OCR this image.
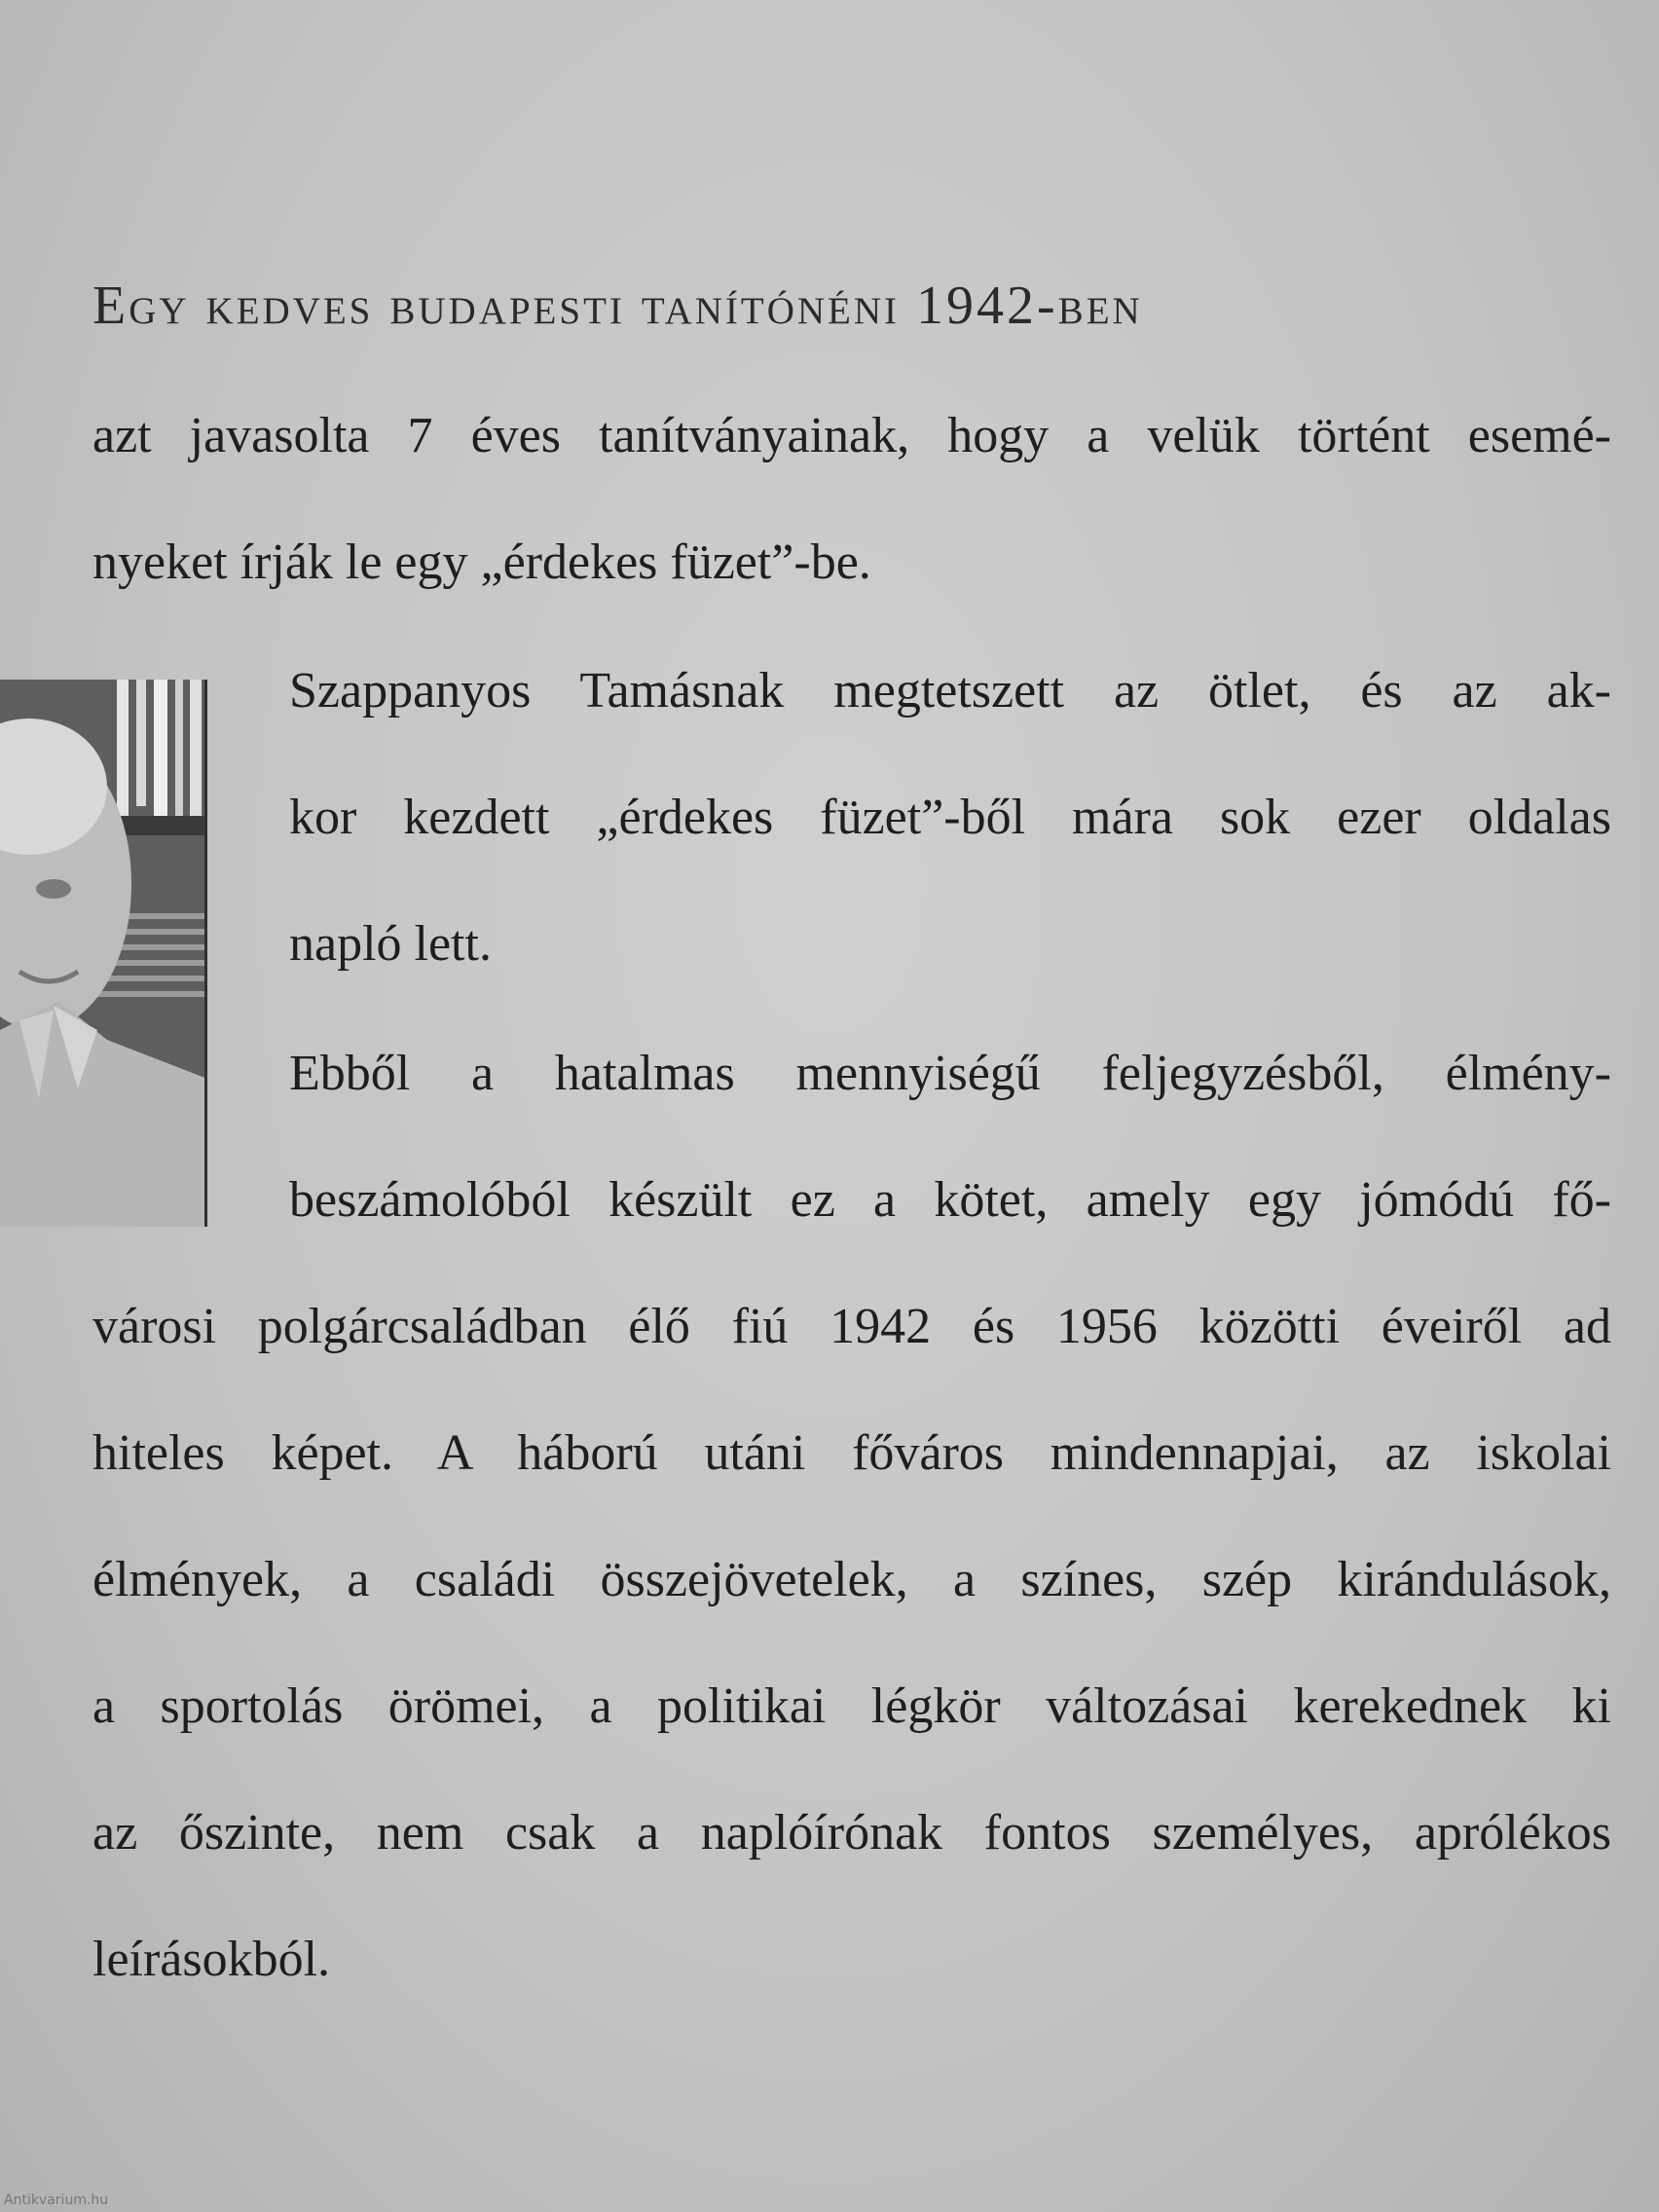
Egy kedves budapesti tanítónéni 1942-ben
azt javasolta 7 éves tanítványainak, hogy a velük történt esemé-
nyeket írják le egy „érdekes füzet”-be.
Szappanyos Tamásnak megtetszett az ötlet, és az ak-
kor kezdett „érdekes füzet”-ből mára sok ezer oldalas
napló lett.
Ebből a hatalmas mennyiségű feljegyzésből, élmény-
beszámolóból készült ez a kötet, amely egy jómódú fő-
városi polgárcsaládban élő fiú 1942 és 1956 közötti éveiről ad
hiteles képet. A háború utáni főváros mindennapjai, az iskolai
élmények, a családi összejövetelek, a színes, szép kirándulások,
a sportolás örömei, a politikai légkör változásai kerekednek ki
az őszinte, nem csak a naplóírónak fontos személyes, aprólékos
leírásokból.
Antikvarium.hu
